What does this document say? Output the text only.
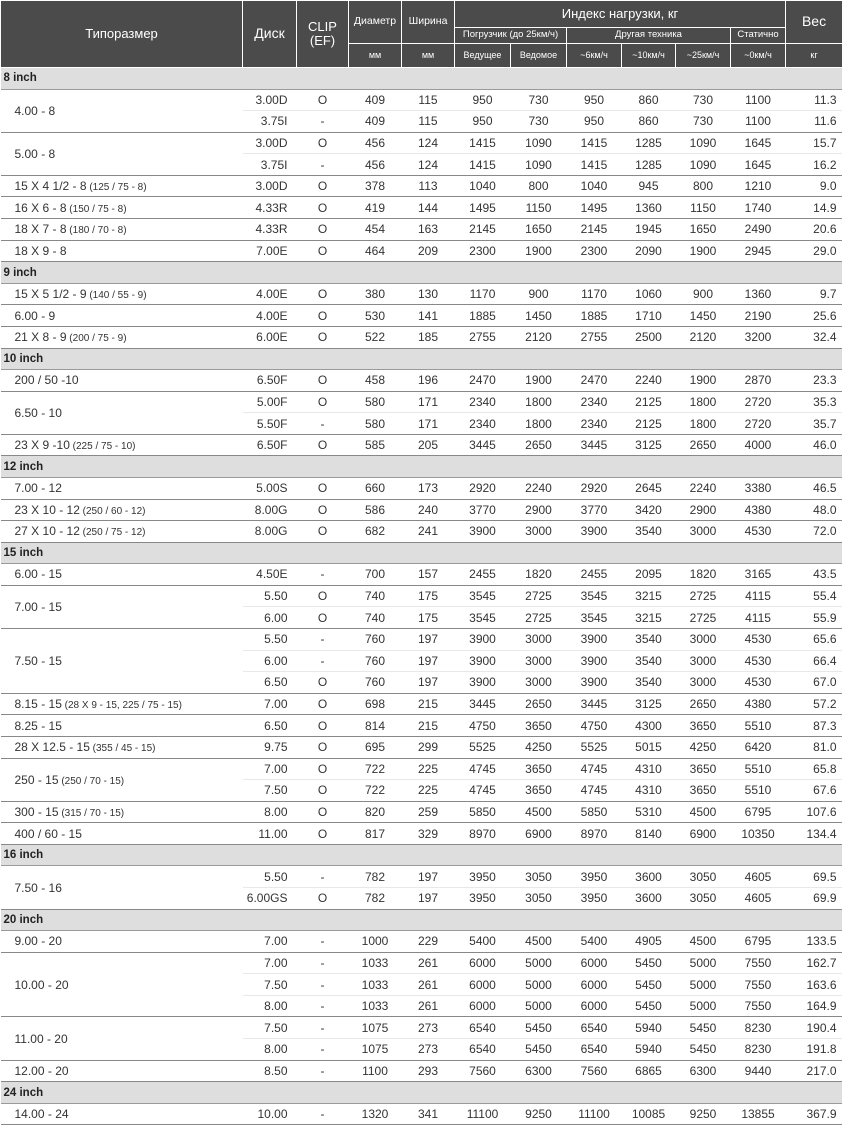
Типоразмер	Диск	CLIP (EF)	Диаметр	Ширина	Индекс нагрузки, кг						Вес
					Погрузчик (до 25км/ч)		Другая техника			Статично	
			мм	мм	Ведущее	Ведомое	~6км/ч	~10км/ч	~25км/ч	~0км/ч	кг
8 inch											
4.00 - 8	3.00D	O	409	115	950	730	950	860	730	1100	11.3
	3.75I	-	409	115	950	730	950	860	730	1100	11.6
5.00 - 8	3.00D	O	456	124	1415	1090	1415	1285	1090	1645	15.7
	3.75I	-	456	124	1415	1090	1415	1285	1090	1645	16.2
15 X 4 1/2 - 8 (125 / 75 - 8)	3.00D	O	378	113	1040	800	1040	945	800	1210	9.0
16 X 6 - 8 (150 / 75 - 8)	4.33R	O	419	144	1495	1150	1495	1360	1150	1740	14.9
18 X 7 - 8 (180 / 70 - 8)	4.33R	O	454	163	2145	1650	2145	1945	1650	2490	20.6
18 X 9 - 8	7.00E	O	464	209	2300	1900	2300	2090	1900	2945	29.0
9 inch											
15 X 5 1/2 - 9 (140 / 55 - 9)	4.00E	O	380	130	1170	900	1170	1060	900	1360	9.7
6.00 - 9	4.00E	O	530	141	1885	1450	1885	1710	1450	2190	25.6
21 X 8 - 9 (200 / 75 - 9)	6.00E	O	522	185	2755	2120	2755	2500	2120	3200	32.4
10 inch											
200 / 50 -10	6.50F	O	458	196	2470	1900	2470	2240	1900	2870	23.3
6.50 - 10	5.00F	O	580	171	2340	1800	2340	2125	1800	2720	35.3
	5.50F	-	580	171	2340	1800	2340	2125	1800	2720	35.7
23 X 9 -10 (225 / 75 - 10)	6.50F	O	585	205	3445	2650	3445	3125	2650	4000	46.0
12 inch											
7.00 - 12	5.00S	O	660	173	2920	2240	2920	2645	2240	3380	46.5
23 X 10 - 12 (250 / 60 - 12)	8.00G	O	586	240	3770	2900	3770	3420	2900	4380	48.0
27 X 10 - 12 (250 / 75 - 12)	8.00G	O	682	241	3900	3000	3900	3540	3000	4530	72.0
15 inch											
6.00 - 15	4.50E	-	700	157	2455	1820	2455	2095	1820	3165	43.5
7.00 - 15	5.50	O	740	175	3545	2725	3545	3215	2725	4115	55.4
	6.00	O	740	175	3545	2725	3545	3215	2725	4115	55.9
7.50 - 15	5.50	-	760	197	3900	3000	3900	3540	3000	4530	65.6
	6.00	-	760	197	3900	3000	3900	3540	3000	4530	66.4
	6.50	O	760	197	3900	3000	3900	3540	3000	4530	67.0
8.15 - 15 (28 X 9 - 15, 225 / 75 - 15)	7.00	O	698	215	3445	2650	3445	3125	2650	4380	57.2
8.25 - 15	6.50	O	814	215	4750	3650	4750	4300	3650	5510	87.3
28 X 12.5 - 15 (355 / 45 - 15)	9.75	O	695	299	5525	4250	5525	5015	4250	6420	81.0
250 - 15 (250 / 70 - 15)	7.00	O	722	225	4745	3650	4745	4310	3650	5510	65.8
	7.50	O	722	225	4745	3650	4745	4310	3650	5510	67.6
300 - 15 (315 / 70 - 15)	8.00	O	820	259	5850	4500	5850	5310	4500	6795	107.6
400 / 60 - 15	11.00	O	817	329	8970	6900	8970	8140	6900	10350	134.4
16 inch											
7.50 - 16	5.50	-	782	197	3950	3050	3950	3600	3050	4605	69.5
	6.00GS	O	782	197	3950	3050	3950	3600	3050	4605	69.9
20 inch											
9.00 - 20	7.00	-	1000	229	5400	4500	5400	4905	4500	6795	133.5
10.00 - 20	7.00	-	1033	261	6000	5000	6000	5450	5000	7550	162.7
	7.50	-	1033	261	6000	5000	6000	5450	5000	7550	163.6
	8.00	-	1033	261	6000	5000	6000	5450	5000	7550	164.9
11.00 - 20	7.50	-	1075	273	6540	5450	6540	5940	5450	8230	190.4
	8.00	-	1075	273	6540	5450	6540	5940	5450	8230	191.8
12.00 - 20	8.50	-	1100	293	7560	6300	7560	6865	6300	9440	217.0
24 inch											
14.00 - 24	10.00	-	1320	341	11100	9250	11100	10085	9250	13855	367.9
